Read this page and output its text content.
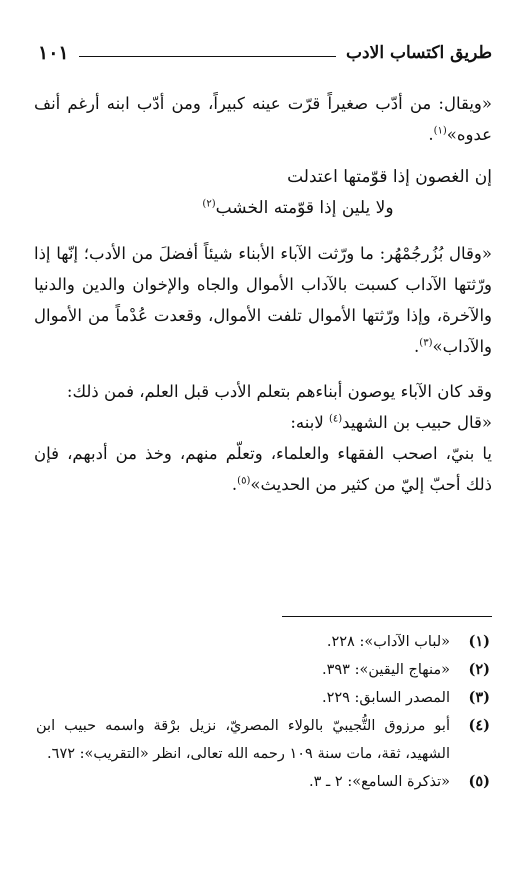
طريق اكتساب الادب
١٠١

«ويقال: من أدّب صغيراً قرّت عينه كبيراً، ومن أدّب ابنه أرغم أنف عدوه»$^{(١)}$.

إن الغصون إذا قوّمتها اعتدلت

ولا يلين إذا قوّمته الخشب$^{(٢)}$

«وقال بُزُرجُمْهُر: ما ورّثت الآباء الأبناء شيئاً أفضلَ من الأدب؛ إنّها إذا ورّثتها الآداب كسبت بالآداب الأموال والجاه والإخوان والدين والدنيا والآخرة، وإذا ورّثتها الأموال تلفت الأموال، وقعدت عُدْماً من الأموال والآداب»$^{(٣)}$.

وقد كان الآباء يوصون أبناءهم بتعلم الأدب قبل العلم، فمن ذلك:

«قال حبيب بن الشهيد$^{(٤)}$ لابنه:

يا بنيّ، اصحب الفقهاء والعلماء، وتعلّم منهم، وخذ من أدبهم، فإن ذلك أحبّ إليّ من كثير من الحديث»$^{(٥)}$.

(١)
«لباب الآداب»: ٢٢٨.

(٢)
«منهاج اليقين»: ٣٩٣.

(٣)
المصدر السابق: ٢٢٩.

(٤)
أبو مرزوق التُّجيبيّ بالولاء المصريّ، نزيل برْقة واسمه حبيب ابن الشهيد، ثقة، مات سنة ١٠٩ رحمه الله تعالى، انظر «التقريب»: ٦٧٢.

(٥)
«تذكرة السامع»: ٢ ـ ٣.
